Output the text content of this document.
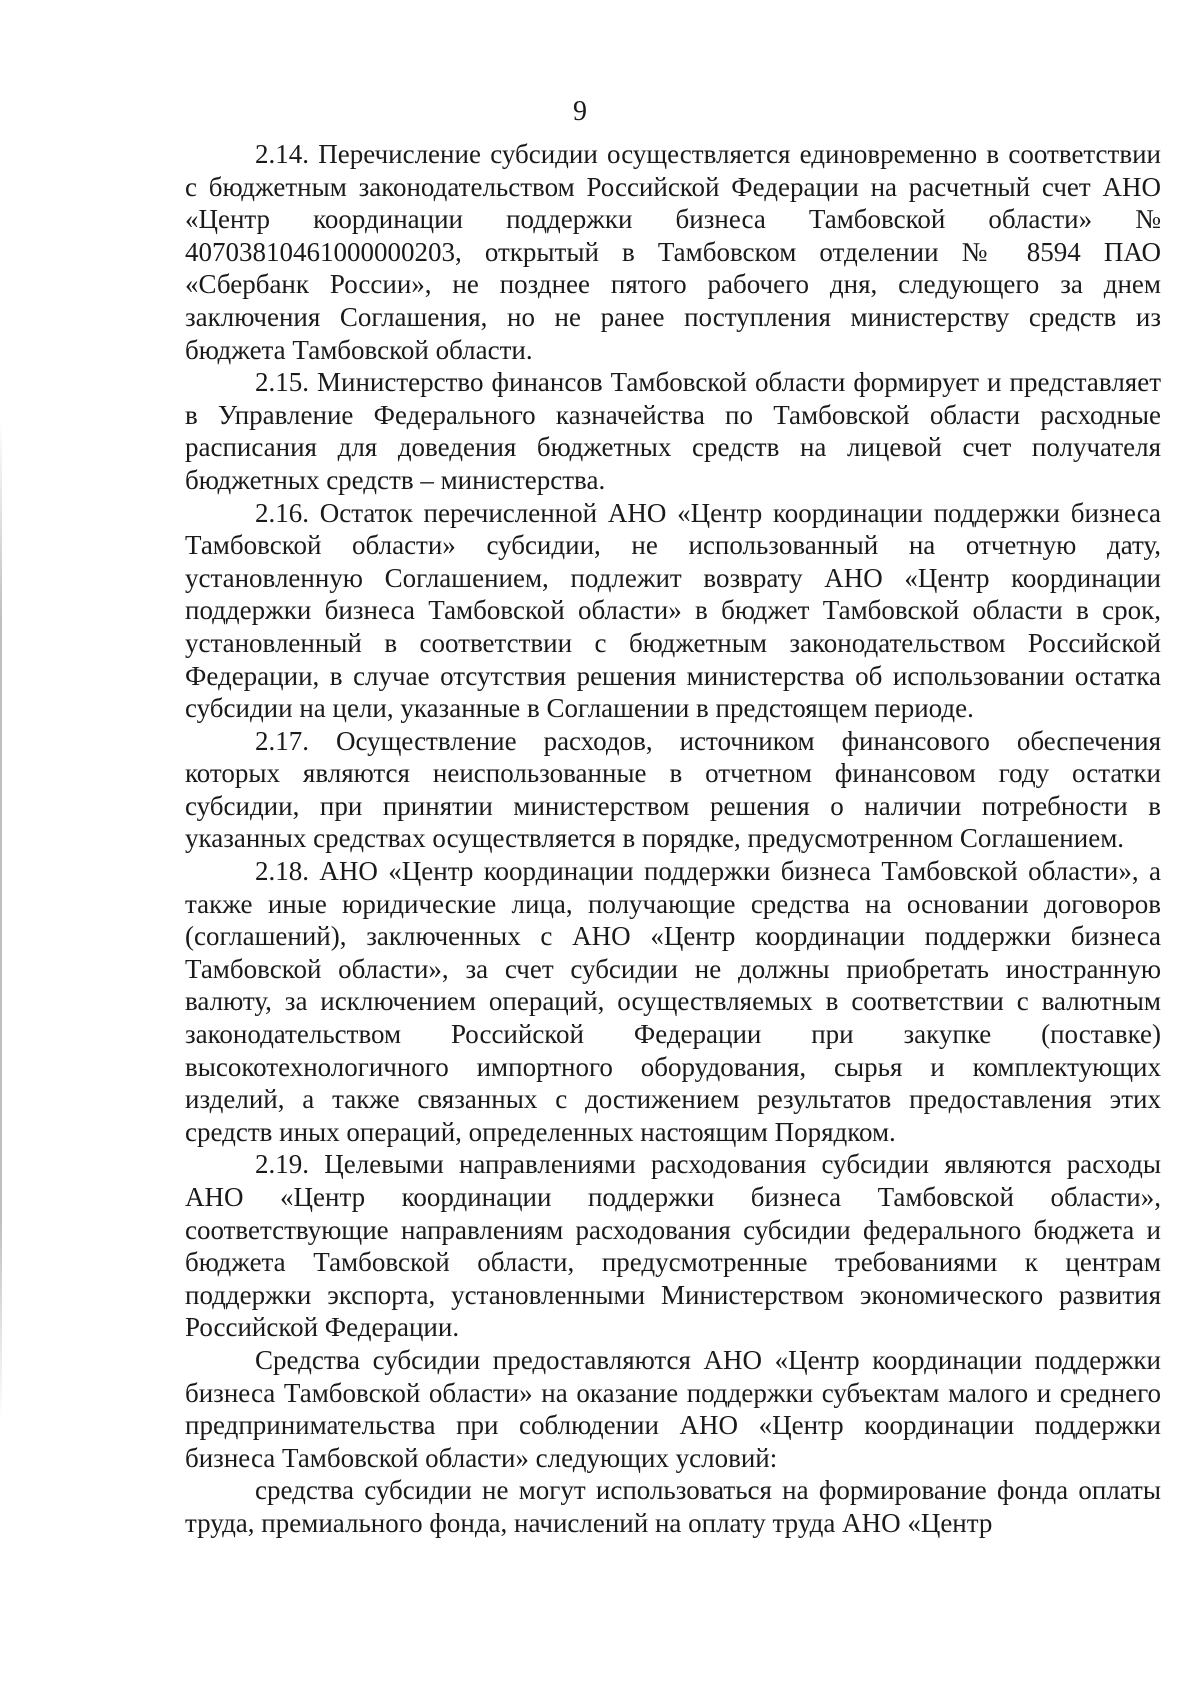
9

2.14. Перечисление субсидии осуществляется единовременно в соответствии с бюджетным законодательством Российской Федерации на расчетный счет АНО «Центр координации поддержки бизнеса Тамбовской области» № 40703810461000000203, открытый в Тамбовском отделении № 8594 ПАО «Сбербанк России», не позднее пятого рабочего дня, следующего за днем заключения Соглашения, но не ранее поступления министерству средств из бюджета Тамбовской области.

2.15. Министерство финансов Тамбовской области формирует и представляет в Управление Федерального казначейства по Тамбовской области расходные расписания для доведения бюджетных средств на лицевой счет получателя бюджетных средств – министерства.

2.16. Остаток перечисленной АНО «Центр координации поддержки бизнеса Тамбовской области» субсидии, не использованный на отчетную дату, установленную Соглашением, подлежит возврату АНО «Центр координации поддержки бизнеса Тамбовской области» в бюджет Тамбовской области в срок, установленный в соответствии с бюджетным законодательством Российской Федерации, в случае отсутствия решения министерства об использовании остатка субсидии на цели, указанные в Соглашении в предстоящем периоде.

2.17. Осуществление расходов, источником финансового обеспечения которых являются неиспользованные в отчетном финансовом году остатки субсидии, при принятии министерством решения о наличии потребности в указанных средствах осуществляется в порядке, предусмотренном Соглашением.

2.18. АНО «Центр координации поддержки бизнеса Тамбовской области», а также иные юридические лица, получающие средства на основании договоров (соглашений), заключенных с АНО «Центр координации поддержки бизнеса Тамбовской области», за счет субсидии не должны приобретать иностранную валюту, за исключением операций, осуществляемых в соответствии с валютным законодательством Российской Федерации при закупке (поставке) высокотехнологичного импортного оборудования, сырья и комплектующих изделий, а также связанных с достижением результатов предоставления этих средств иных операций, определенных настоящим Порядком.

2.19. Целевыми направлениями расходования субсидии являются расходы АНО «Центр координации поддержки бизнеса Тамбовской области», соответствующие направлениям расходования субсидии федерального бюджета и бюджета Тамбовской области, предусмотренные требованиями к центрам поддержки экспорта, установленными Министерством экономического развития Российской Федерации.

Средства субсидии предоставляются АНО «Центр координации поддержки бизнеса Тамбовской области» на оказание поддержки субъектам малого и среднего предпринимательства при соблюдении АНО «Центр координации поддержки бизнеса Тамбовской области» следующих условий:

средства субсидии не могут использоваться на формирование фонда оплаты труда, премиального фонда, начислений на оплату труда АНО «Центр
